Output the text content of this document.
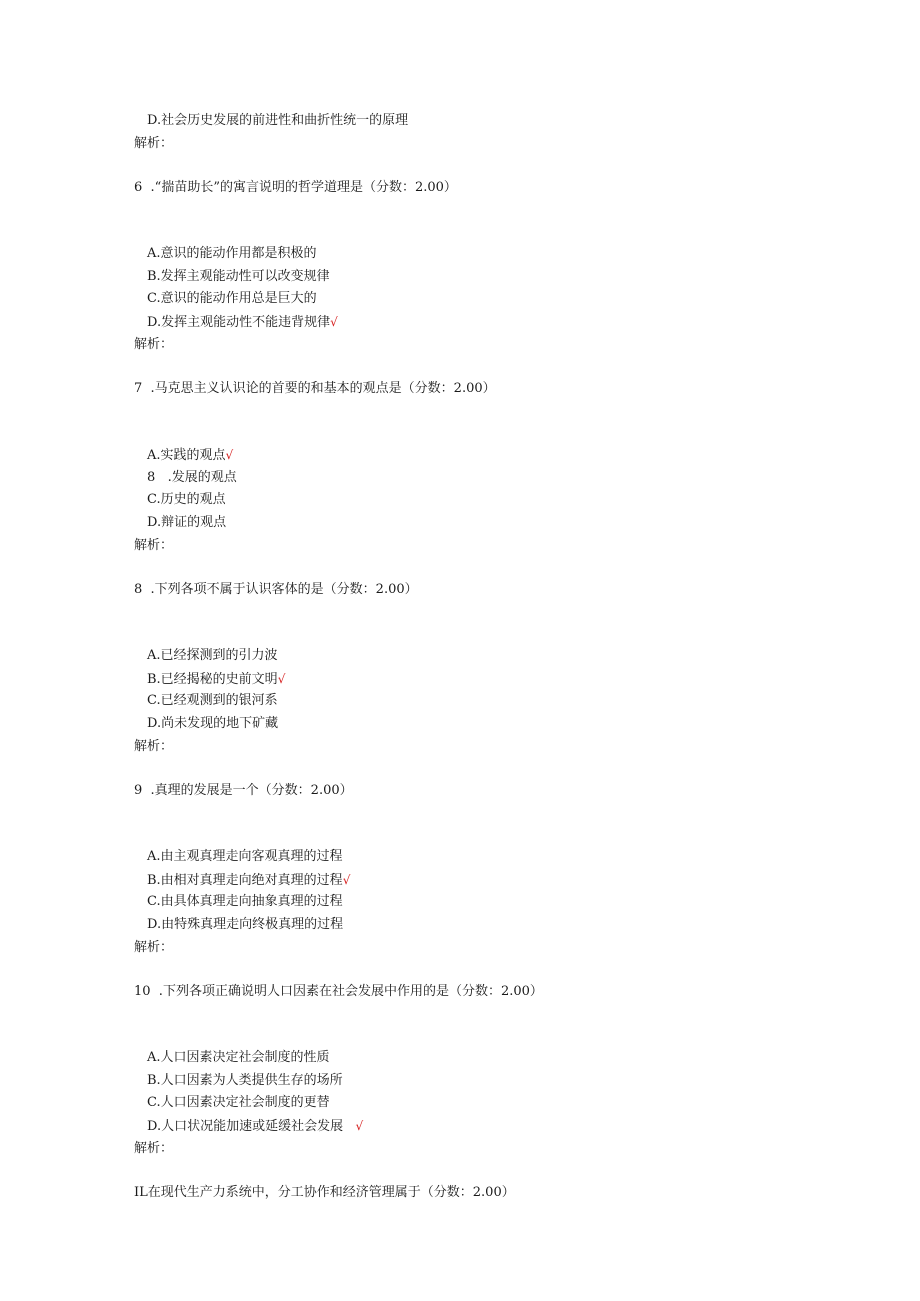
D.社会历史发展的前进性和曲折性统一的原理
解析：
6  .“揣苗助长”的寓言说明的哲学道理是（分数：2.00）
A.意识的能动作用都是积极的
B.发挥主观能动性可以改变规律
C.意识的能动作用总是巨大的
D.发挥主观能动性不能违背规律√
解析：
7  .马克思主义认识论的首要的和基本的观点是（分数：2.00）
A.实践的观点√
8   .发展的观点
C.历史的观点
D.辩证的观点
解析：
8  .下列各项不属于认识客体的是（分数：2.00）
A.已经探测到的引力波
B.已经揭秘的史前文明√
C.已经观测到的银河系
D.尚未发现的地下矿藏
解析：
9  .真理的发展是一个（分数：2.00）
A.由主观真理走向客观真理的过程
B.由相对真理走向绝对真理的过程√
C.由具体真理走向抽象真理的过程
D.由特殊真理走向终极真理的过程
解析：
10  .下列各项正确说明人口因素在社会发展中作用的是（分数：2.00）
A.人口因素决定社会制度的性质
B.人口因素为人类提供生存的场所
C.人口因素决定社会制度的更替
D.人口状况能加速或延缓社会发展   √
解析：
IL在现代生产力系统中，分工协作和经济管理属于（分数：2.00）
